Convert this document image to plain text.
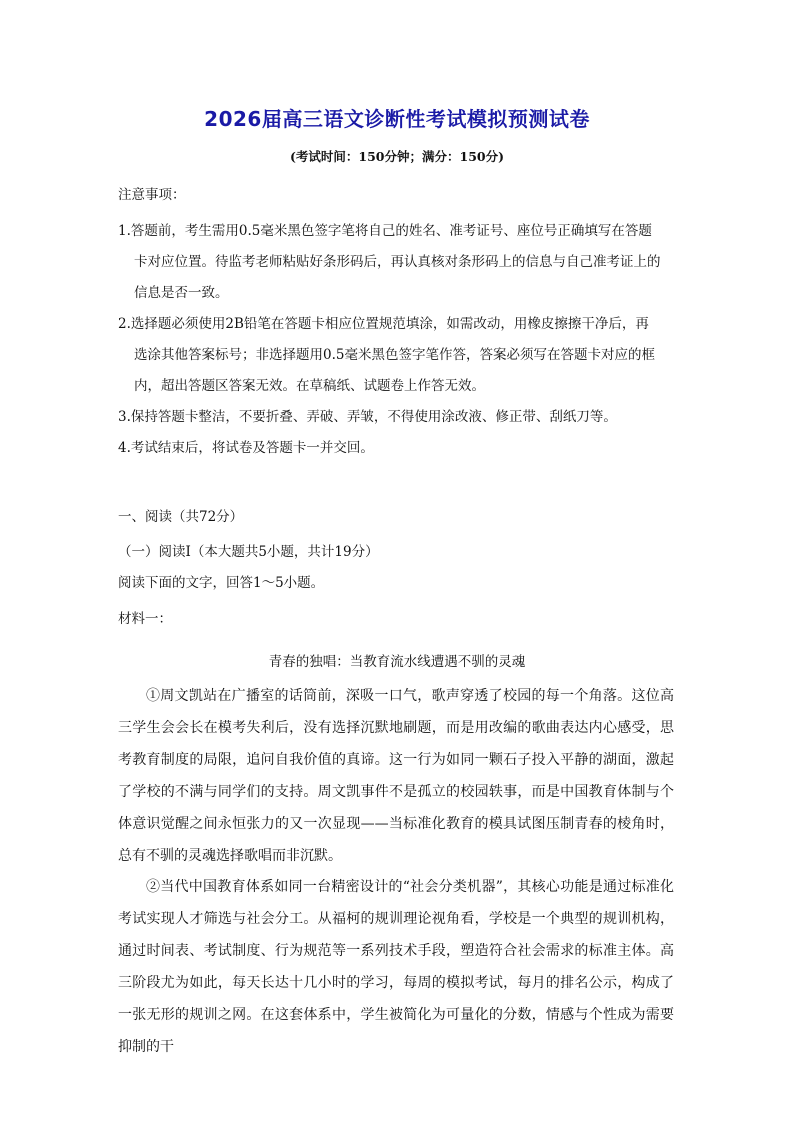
2026届高三语文诊断性考试模拟预测试卷
(考试时间：150分钟；满分：150分)
注意事项：
1.答题前，考生需用0.5毫米黑色签字笔将自己的姓名、准考证号、座位号正确填写在答题
卡对应位置。待监考老师粘贴好条形码后，再认真核对条形码上的信息与自己准考证上的
信息是否一致。
2.选择题必须使用2B铅笔在答题卡相应位置规范填涂，如需改动，用橡皮擦擦干净后，再
选涂其他答案标号；非选择题用0.5毫米黑色签字笔作答，答案必须写在答题卡对应的框
内，超出答题区答案无效。在草稿纸、试题卷上作答无效。
3.保持答题卡整洁，不要折叠、弄破、弄皱，不得使用涂改液、修正带、刮纸刀等。
4.考试结束后，将试卷及答题卡一并交回。
一、阅读（共72分）
（一）阅读Ⅰ（本大题共5小题，共计19分）
阅读下面的文字，回答1～5小题。
材料一：
青春的独唱：当教育流水线遭遇不驯的灵魂

①周文凯站在广播室的话筒前，深吸一口气，歌声穿透了校园的每一个角落。这位高三学生会会长在模考失利后，没有选择沉默地刷题，而是用改编的歌曲表达内心感受，思考教育制度的局限，追问自我价值的真谛。这一行为如同一颗石子投入平静的湖面，激起了学校的不满与同学们的支持。周文凯事件不是孤立的校园轶事，而是中国教育体制与个体意识觉醒之间永恒张力的又一次显现——当标准化教育的模具试图压制青春的棱角时，总有不驯的灵魂选择歌唱而非沉默。

②当代中国教育体系如同一台精密设计的“社会分类机器”，其核心功能是通过标准化考试实现人才筛选与社会分工。从福柯的规训理论视角看，学校是一个典型的规训机构，通过时间表、考试制度、行为规范等一系列技术手段，塑造符合社会需求的标准主体。高三阶段尤为如此，每天长达十几小时的学习，每周的模拟考试，每月的排名公示，构成了一张无形的规训之网。在这套体系中，学生被简化为可量化的分数，情感与个性成为需要抑制的干
